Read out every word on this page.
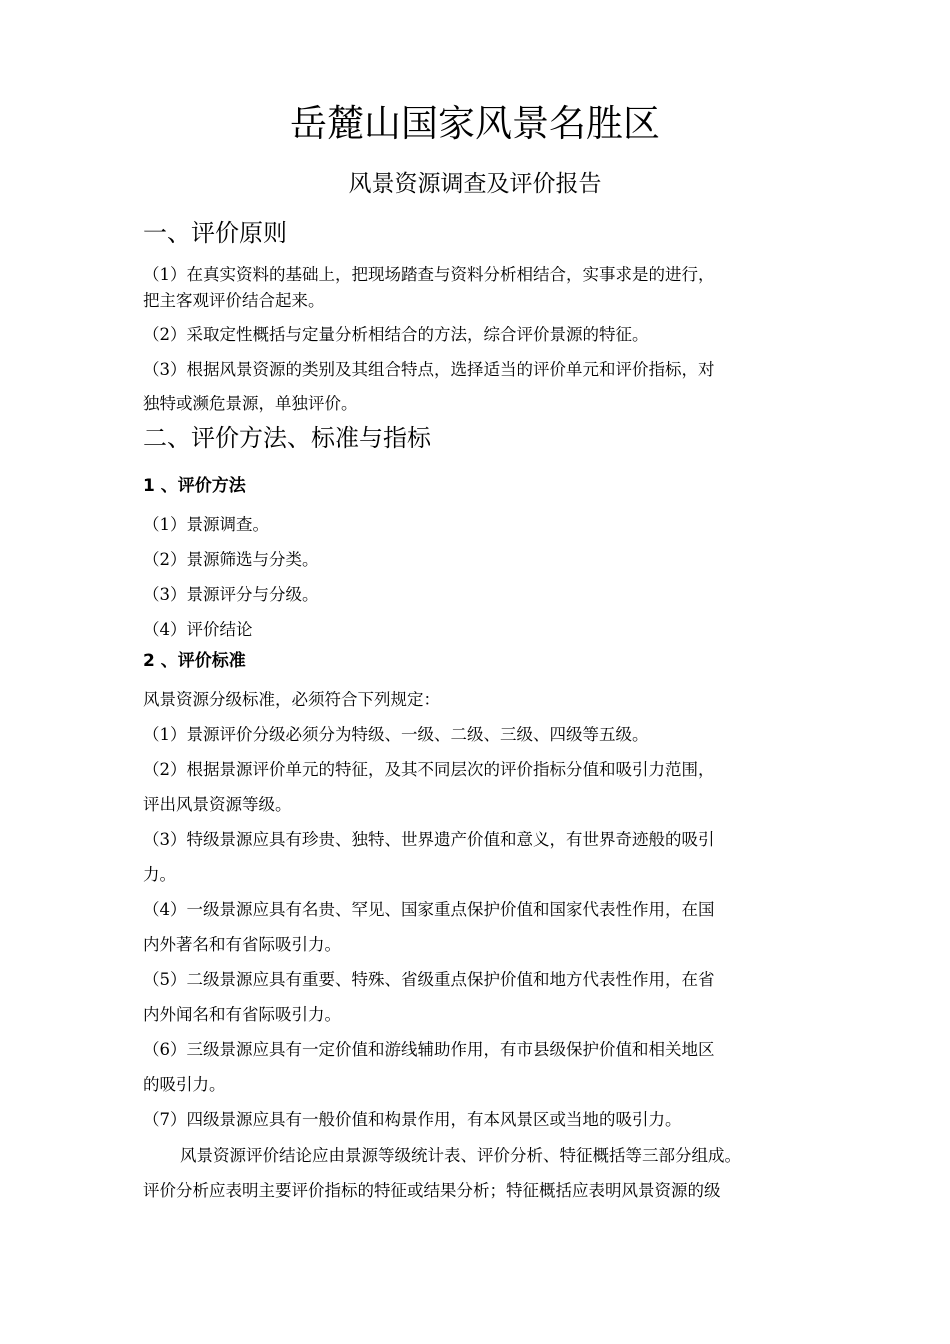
岳麓山国家风景名胜区
风景资源调查及评价报告
一、评价原则
（1）在真实资料的基础上，把现场踏查与资料分析相结合，实事求是的进行，
把主客观评价结合起来。
（2）采取定性概括与定量分析相结合的方法，综合评价景源的特征。
（3）根据风景资源的类别及其组合特点，选择适当的评价单元和评价指标，对
独特或濒危景源，单独评价。
二、评价方法、标准与指标
1 、评价方法
（1）景源调查。
（2）景源筛选与分类。
（3）景源评分与分级。
（4）评价结论
2 、评价标准
风景资源分级标准，必须符合下列规定：
（1）景源评价分级必须分为特级、一级、二级、三级、四级等五级。
（2）根据景源评价单元的特征，及其不同层次的评价指标分值和吸引力范围，
评出风景资源等级。
（3）特级景源应具有珍贵、独特、世界遗产价值和意义，有世界奇迹般的吸引
力。
（4）一级景源应具有名贵、罕见、国家重点保护价值和国家代表性作用，在国
内外著名和有省际吸引力。
（5）二级景源应具有重要、特殊、省级重点保护价值和地方代表性作用，在省
内外闻名和有省际吸引力。
（6）三级景源应具有一定价值和游线辅助作用，有市县级保护价值和相关地区
的吸引力。
（7）四级景源应具有一般价值和构景作用，有本风景区或当地的吸引力。
风景资源评价结论应由景源等级统计表、评价分析、特征概括等三部分组成。
评价分析应表明主要评价指标的特征或结果分析；特征概括应表明风景资源的级
